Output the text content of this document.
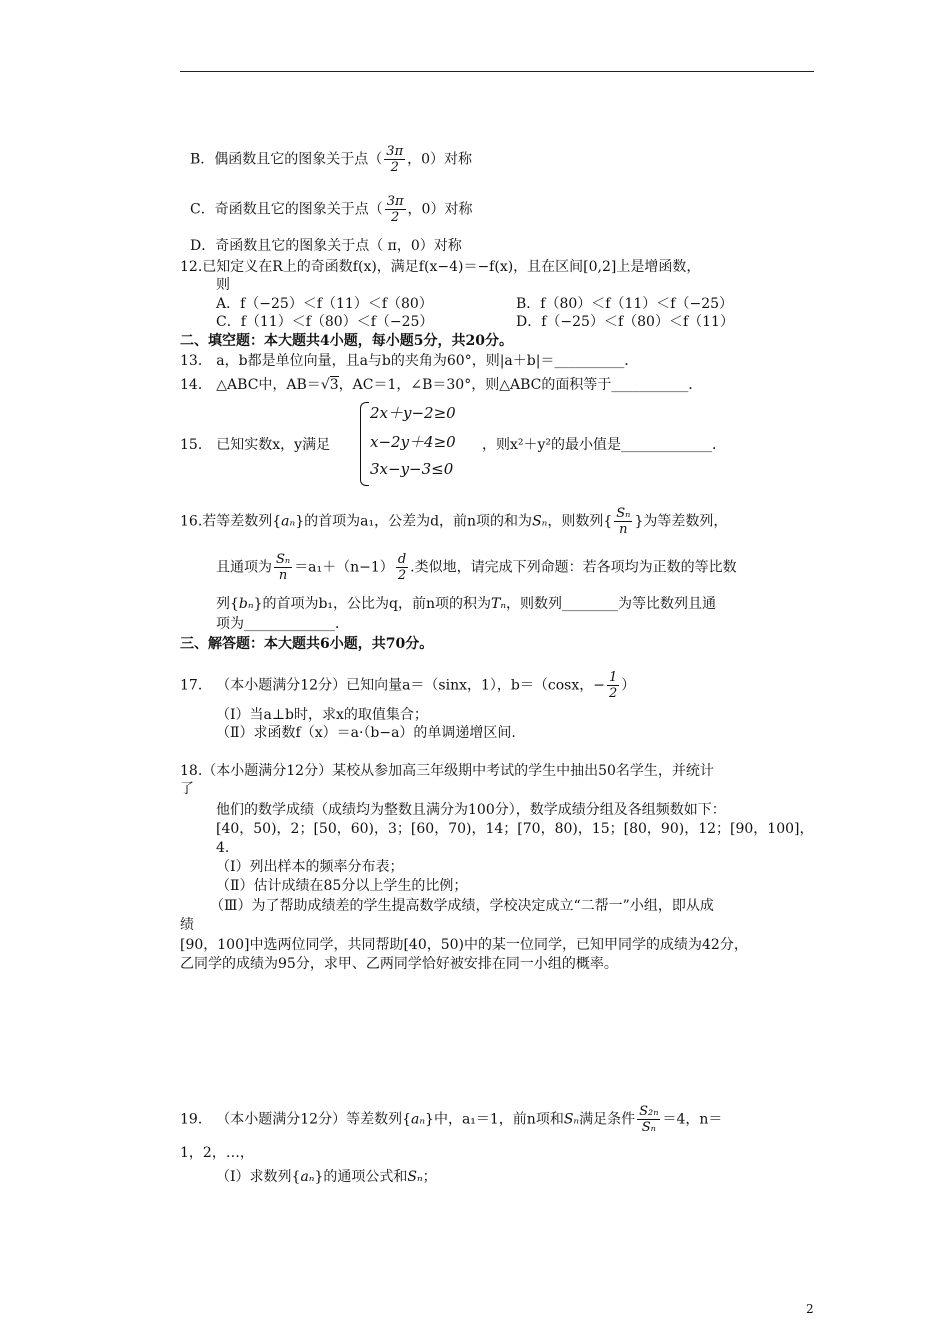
B．偶函数且它的图象关于点（ $\frac{3\pi}{2}$ ，0）对称
C．奇函数且它的图象关于点（ $\frac{3\pi}{2}$ ，0）对称
D．奇函数且它的图象关于点（ π，0）对称
12.已知定义在R上的奇函数f(x)，满足f(x−4)＝−f(x)，且在区间[0,2]上是增函数，
则
A．f（−25）＜f（11）＜f（80）	B．f（80）＜f（11）＜f（−25）
C．f（11）＜f（80）＜f（−25）	D．f（−25）＜f（80）＜f（11）
二、填空题：本大题共4小题，每小题5分，共20分。
13． a，b都是单位向量，且a与b的夹角为60°，则|a＋b|＝__________．
14． △ABC中，AB＝√3，AC＝1，∠B＝30°，则△ABC的面积等于___________．
15． 已知实数x，y满足
2x＋y−2≥0
x−2y＋4≥0
3x−y−3≤0
，则x²＋y²的最小值是_____________．
16.若等差数列{aₙ}的首项为a₁，公差为d，前n项的和为Sₙ，则数列{ $\frac{\text{Sₙ}}{n}$ }为等差数列，
且通项为 $\frac{\text{Sₙ}}{n} =a_1+(n-1) \frac{d}{2}$ .类似地，请完成下列命题：若各项均为正数的等比数
列{bₙ}的首项为b₁，公比为q，前n项的积为Tₙ，则数列________为等比数列且通
项为_____________．
三、解答题：本大题共6小题，共70分。
17． （本小题满分12分）已知向量a＝（sinx，1），b＝（cosx，− $\frac{1}{2}$ ）
（Ⅰ）当a⊥b时，求x的取值集合；
（Ⅱ）求函数f（x）＝a·（b−a）的单调递增区间.
18.（本小题满分12分）某校从参加高三年级期中考试的学生中抽出50名学生，并统计
了
他们的数学成绩（成绩均为整数且满分为100分），数学成绩分组及各组频数如下：
[40，50)，2；[50，60)，3；[60，70)，14；[70，80)，15；[80，90)，12；[90，100]，
4.
（Ⅰ）列出样本的频率分布表；
（Ⅱ）估计成绩在85分以上学生的比例；
（Ⅲ）为了帮助成绩差的学生提高数学成绩，学校决定成立“二帮一”小组，即从成
绩
[90，100]中选两位同学，共同帮助[40，50)中的某一位同学，已知甲同学的成绩为42分，
乙同学的成绩为95分，求甲、乙两同学恰好被安排在同一小组的概率。
19． （本小题满分12分）等差数列{aₙ}中，a₁＝1，前n项和Sₙ满足条件 $\frac{\text{S₂ₙ}}{\text{Sₙ}} =4$，n＝
1，2，…，
（Ⅰ）求数列{aₙ}的通项公式和Sₙ；
2
